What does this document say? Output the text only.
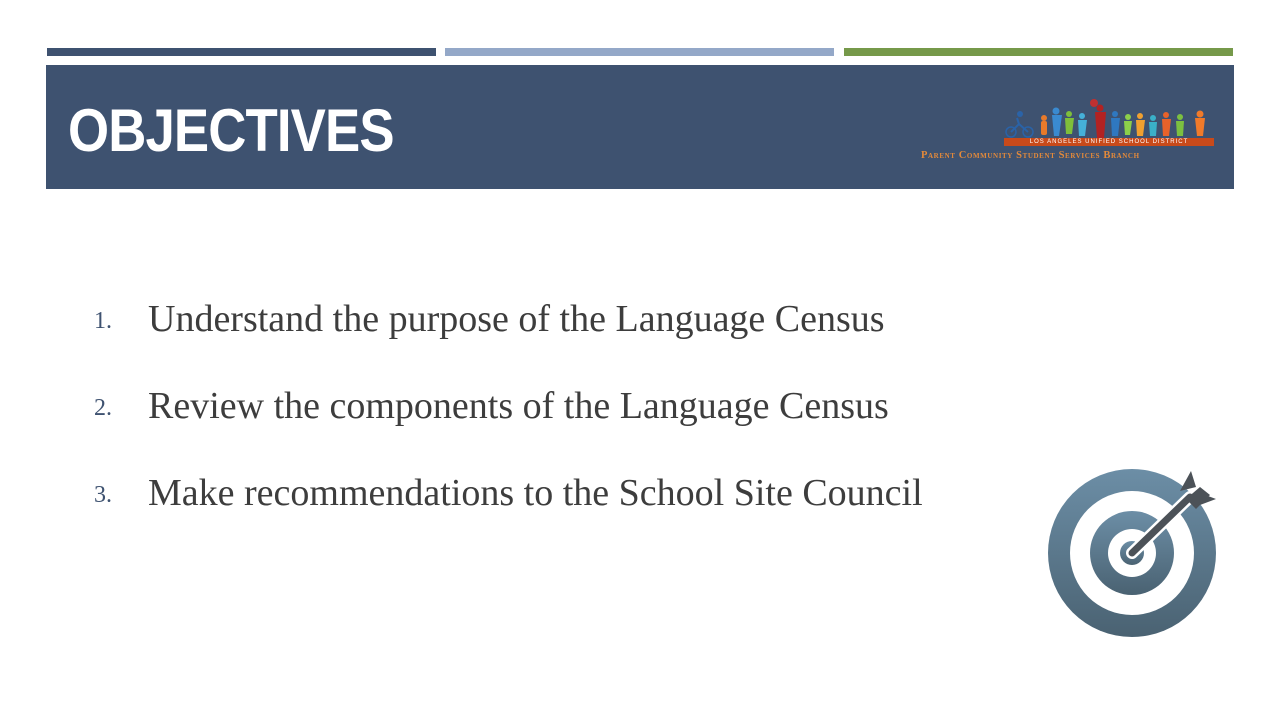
OBJECTIVES	LOS ANGELES UNIFIED SCHOOL DISTRICT
Parent Community Student Services Branch
1. Understand the purpose of the Language Census
2. Review the components of the Language Census
3. Make recommendations to the School Site Council
